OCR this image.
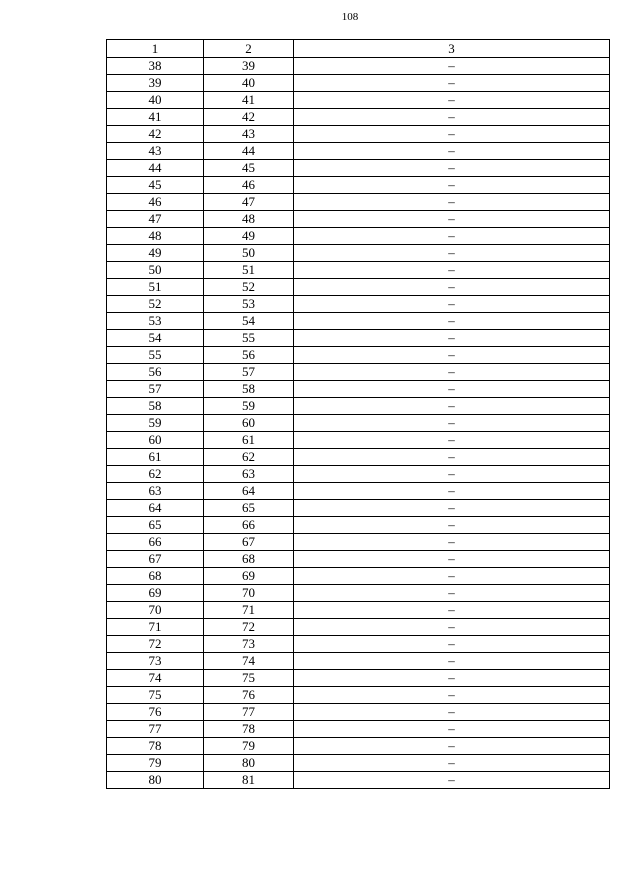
108
1	2	3
38	39	–
39	40	–
40	41	–
41	42	–
42	43	–
43	44	–
44	45	–
45	46	–
46	47	–
47	48	–
48	49	–
49	50	–
50	51	–
51	52	–
52	53	–
53	54	–
54	55	–
55	56	–
56	57	–
57	58	–
58	59	–
59	60	–
60	61	–
61	62	–
62	63	–
63	64	–
64	65	–
65	66	–
66	67	–
67	68	–
68	69	–
69	70	–
70	71	–
71	72	–
72	73	–
73	74	–
74	75	–
75	76	–
76	77	–
77	78	–
78	79	–
79	80	–
80	81	–
